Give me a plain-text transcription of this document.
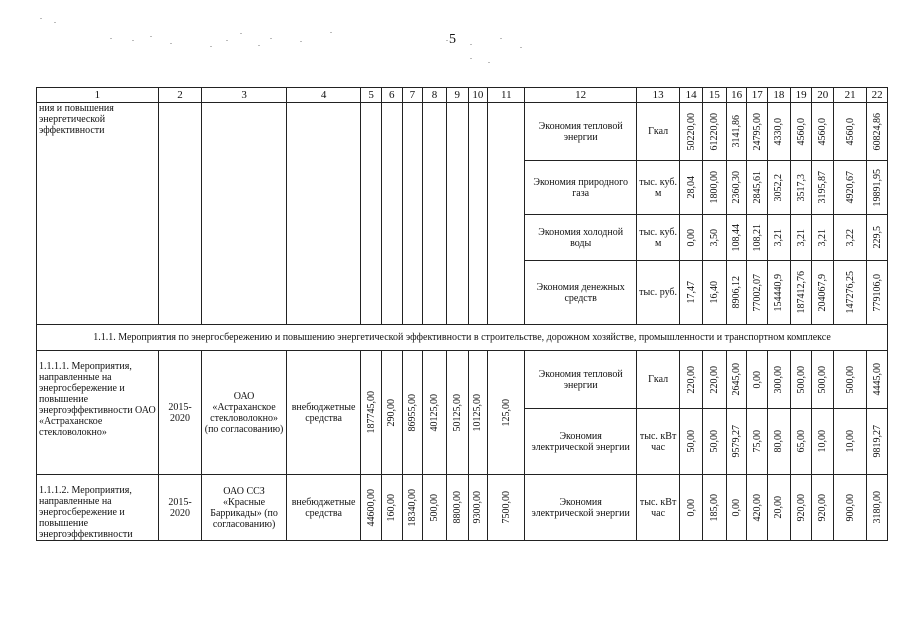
5
1	2	3	4	5	6	7	8	9	10	11	12	13	14	15	16	17	18	19	20	21	22
ния и повышения энергетической эффективности											Экономия тепловой энергии	Гкал	50220,00	61220,00	3141,86	24795,00	4330,0	4560,0	4560,0	4560,0	60824,86

											Экономия природного газа	тыс. куб. м	28,04	1800,00	2360,30	2845,61	3052,2	3517,3	3195,87	4920,67	19891,95

											Экономия холодной воды	тыс. куб. м	0,00	3,50	108,44	108,21	3,21	3,21	3,21	3,22	229,5

											Экономия денежных средств	тыс. руб.	17,47	16,40	8906,12	77002,07	154440,9	187412,76	204067,9	147276,25	779106,0

1.1.1. Мероприятия по энергосбережению и повышению энергетической эффективности в строительстве, дорожном хозяйстве, промышленности и транспортном комплексе																					
1.1.1.1. Мероприятия, направленные на энергосбережение и повышение энергоэффективности ОАО «Астраханское стекловолокно»	2015-2020	ОАО «Астраханское стекловолокно» (по согласованию)	внебюджетные средства	187745,00	290,00	86955,00	40125,00	50125,00	10125,00	125,00	Экономия тепловой энергии	Гкал	220,00	220,00	2645,00	0,00	300,00	500,00	500,00	500,00	4445,00

											Экономия электрической энергии	тыс. кВт час	50,00	50,00	9579,27	75,00	80,00	65,00	10,00	10,00	9819,27

1.1.1.2. Мероприятия, направленные на энергосбережение и повышение энергоэффективности	2015-2020	ОАО ССЗ «Красные Баррикады» (по согласованию)	внебюджетные средства	44600,00	160,00	18340,00	500,00	8800,00	9300,00	7500,00	Экономия электрической энергии	тыс. кВт час	0,00	185,00	0,00	420,00	20,00	920,00	920,00	900,00	3180,00
